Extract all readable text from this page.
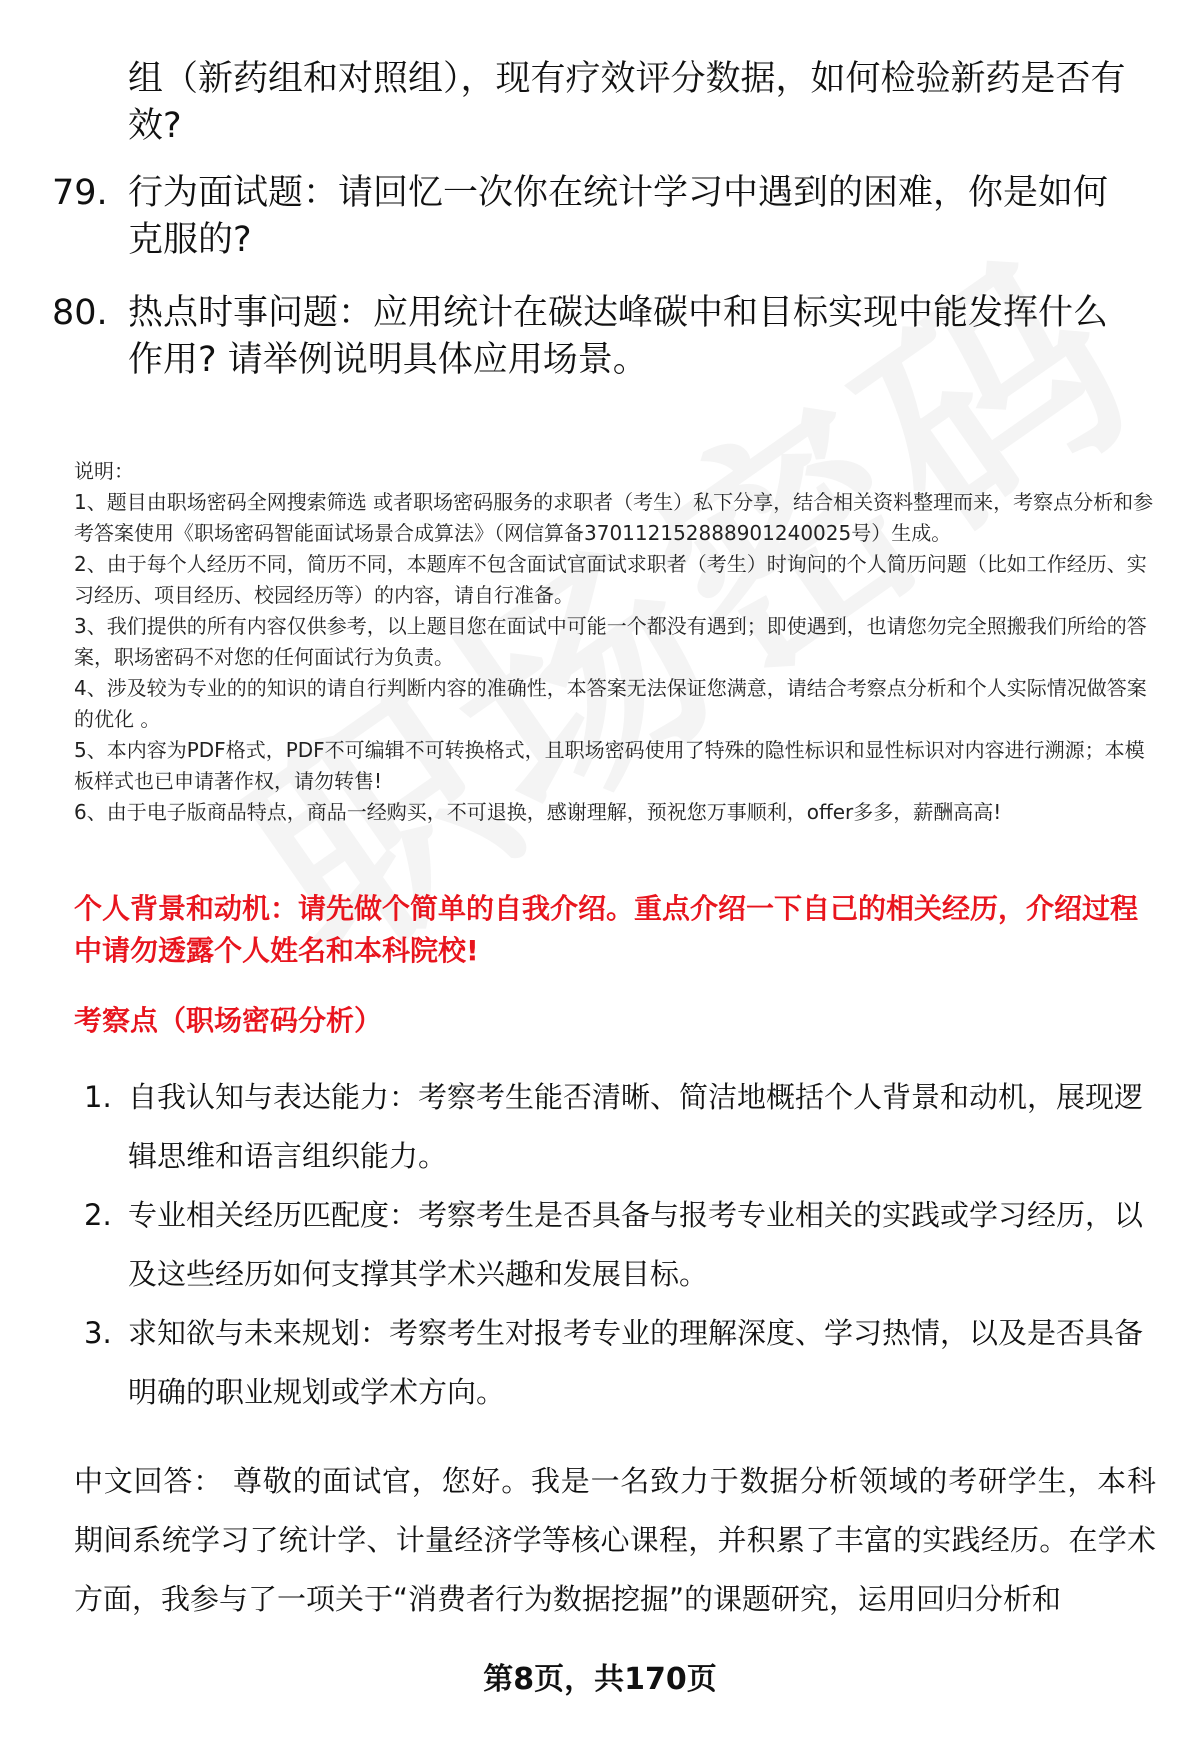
组（新药组和对照组），现有疗效评分数据，如何检验新药是否有效?
79. 行为面试题：请回忆一次你在统计学习中遇到的困难，你是如何克服的?
80. 热点时事问题：应用统计在碳达峰碳中和目标实现中能发挥什么作用? 请举例说明具体应用场景。

说明：

1、题目由职场密码全网搜索筛选 或者职场密码服务的求职者（考生）私下分享，结合相关资料整理而来，考察点分析和参考答案使用《职场密码智能面试场景合成算法》（网信算备370112152888901240025号）生成。

2、由于每个人经历不同，简历不同，本题库不包含面试官面试求职者（考生）时询问的个人简历问题（比如工作经历、实习经历、项目经历、校园经历等）的内容，请自行准备。

3、我们提供的所有内容仅供参考，以上题目您在面试中可能一个都没有遇到；即使遇到，也请您勿完全照搬我们所给的答案，职场密码不对您的任何面试行为负责。

4、涉及较为专业的的知识的请自行判断内容的准确性，本答案无法保证您满意，请结合考察点分析和个人实际情况做答案的优化 。

5、本内容为PDF格式，PDF不可编辑不可转换格式，且职场密码使用了特殊的隐性标识和显性标识对内容进行溯源；本模板样式也已申请著作权，请勿转售!

6、由于电子版商品特点，商品一经购买，不可退换，感谢理解，预祝您万事顺利，offer多多，薪酬高高!

个人背景和动机：请先做个简单的自我介绍。重点介绍一下自己的相关经历，介绍过程中请勿透露个人姓名和本科院校!
考察点（职场密码分析）
1. 自我认知与表达能力：考察考生能否清晰、简洁地概括个人背景和动机，展现逻辑思维和语言组织能力。
2. 专业相关经历匹配度：考察考生是否具备与报考专业相关的实践或学习经历，以及这些经历如何支撑其学术兴趣和发展目标。
3. 求知欲与未来规划：考察考生对报考专业的理解深度、学习热情，以及是否具备明确的职业规划或学术方向。
中文回答： 尊敬的面试官，您好。我是一名致力于数据分析领域的考研学生，本科期间系统学习了统计学、计量经济学等核心课程，并积累了丰富的实践经历。在学术方面，我参与了一项关于“消费者行为数据挖掘”的课题研究，运用回归分析和
第8页，共170页
